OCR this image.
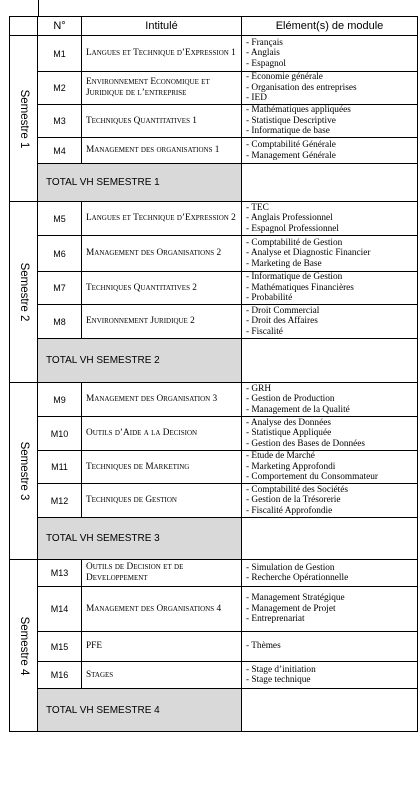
	N°	Intitulé	Elément(s) de module

Semestre 1	M1	Langues et Technique d’Expression 1	- Français
- Anglais
- Espagnol

	M2	Environnement Economique et Juridique de l’entreprise	- Economie générale
- Organisation des entreprises
- IED

	M3	Techniques Quantitatives 1	- Mathématiques appliquées
- Statistique Descriptive
- Informatique de base

	M4	Management des organisations 1	- Comptabilité Générale
- Management Générale

	TOTAL VH SEMESTRE 1		

Semestre 2	M5	Langues et Technique d’Expression 2	- TEC
- Anglais Professionnel
- Espagnol Professionnel

	M6	Management des Organisations 2	- Comptabilité de Gestion
- Analyse et Diagnostic Financier
- Marketing de Base

	M7	Techniques Quantitatives 2	- Informatique de Gestion
- Mathématiques Financières
- Probabilité

	M8	Environnement Juridique 2	- Droit Commercial
- Droit des Affaires
- Fiscalité

	TOTAL VH SEMESTRE 2		

Semestre 3	M9	Management des Organisation 3	- GRH
- Gestion de Production
- Management de la Qualité

	M10	Outils d’Aide a la Decision	- Analyse des Données
- Statistique Appliquée
- Gestion des Bases de Données

	M11	Techniques de Marketing	- Etude de Marché
- Marketing Approfondi
- Comportement du Consommateur

	M12	Techniques de Gestion	- Comptabilité des Sociétés
- Gestion de la Trésorerie
- Fiscalité Approfondie

	TOTAL VH SEMESTRE 3		

Semestre 4	M13	Outils de Decision et de Developpement	- Simulation de Gestion
- Recherche Opérationnelle

	M14	Management des Organisations 4	- Management Stratégique
- Management de Projet
- Entreprenariat

	M15	PFE	- Thèmes

	M16	Stages	- Stage d’initiation
- Stage technique

	TOTAL VH SEMESTRE 4		
